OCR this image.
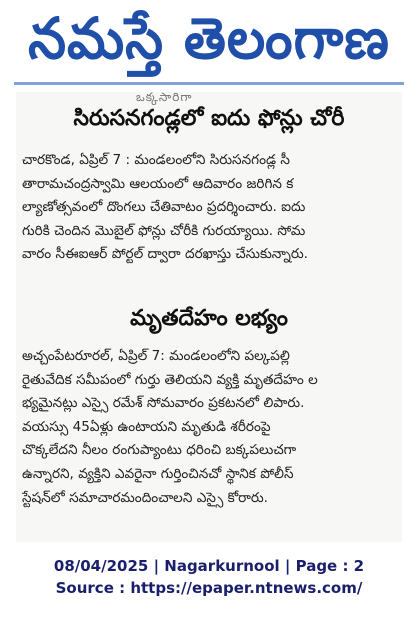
నమస్తే తెలంగాణ
ఒక్కసారిగా
సిరుసనగండ్లలో ఐదు ఫోన్లు చోరీ
చారకొండ, ఏప్రిల్ 7 : మండలంలోని సిరుసనగండ్ల సీ
తారామచంద్రస్వామి ఆలయంలో ఆదివారం జరిగిన క
ల్యాణోత్సవంలో దొంగలు చేతివాటం ప్రదర్శించారు. ఐదు
గురికి చెందిన మొబైల్ ఫోన్లు చోరీకి గురయ్యాయి. సోమ
వారం సీఈఐఆర్ పోర్టల్ ద్వారా దరఖాస్తు చేసుకున్నారు.
మృతదేహం లభ్యం
అచ్చంపేటరూరల్, ఏప్రిల్ 7: మండలంలోని పల్కపల్లి
రైతువేదిక సమీపంలో గుర్తు తెలియని వ్యక్తి మృతదేహం ల
భ్యమైనట్లు ఎస్సై రమేశ్ సోమవారం ప్రకటనలో లిపారు.
వయస్సు 45ఏళ్లు ఉంటాయని మృతుడి శరీరంపై
చొక్కలేదని నీలం రంగుప్యాంటు ధరించి బక్కపలుచగా
ఉన్నారని, వ్యక్తిని ఎవరైనా గుర్తించినచో స్థానిక పోలీస్
స్టేషన్‌లో సమాచారమందించాలని ఎస్సై కోరారు.
08/04/2025 | Nagarkurnool | Page : 2
Source : https://epaper.ntnews.com/
